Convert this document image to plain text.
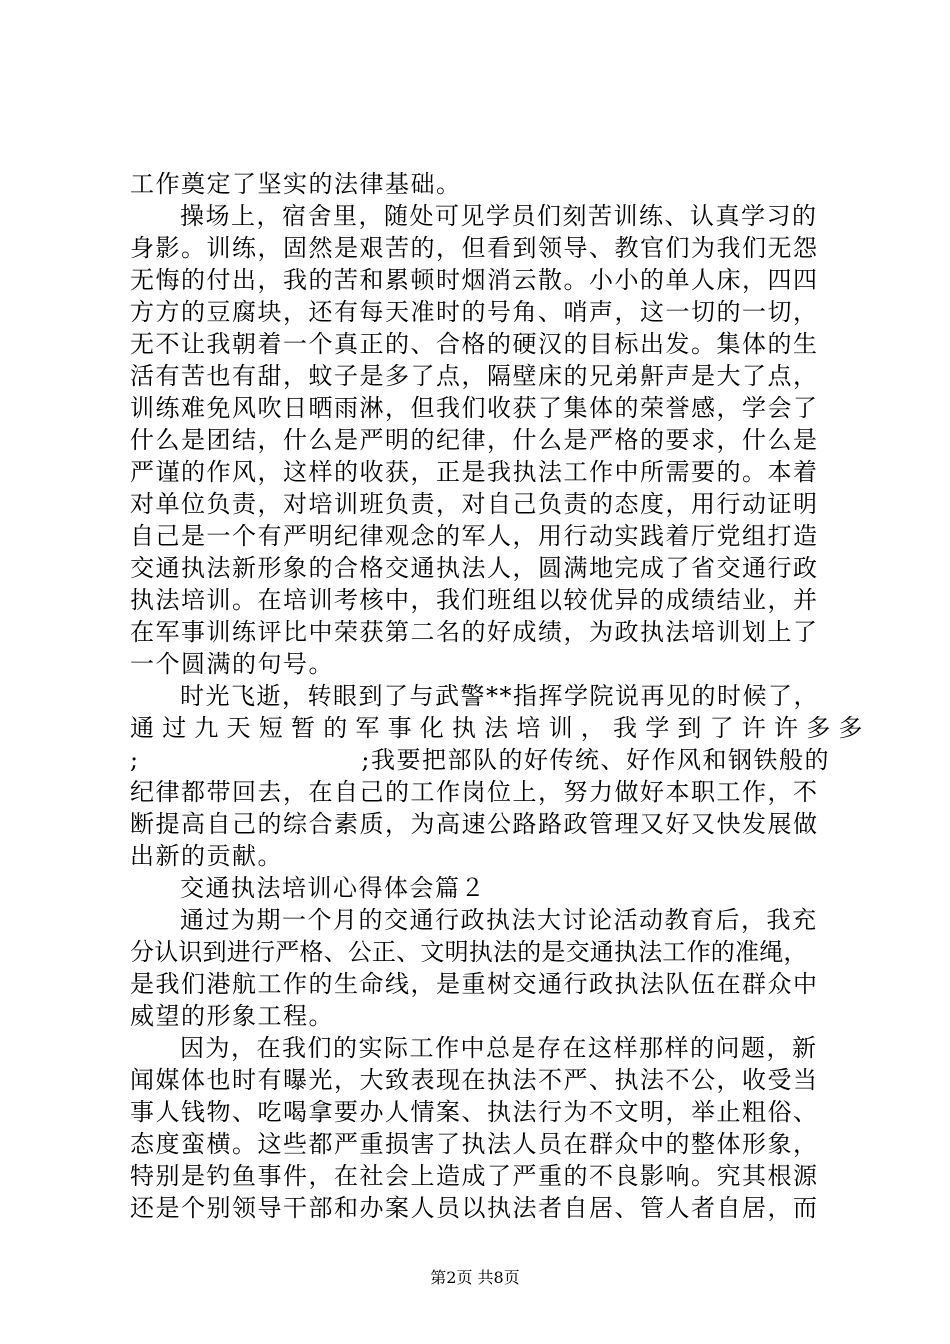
工作奠定了坚实的法律基础。
操场上，宿舍里，随处可见学员们刻苦训练、认真学习的
身影。训练，固然是艰苦的，但看到领导、教官们为我们无怨
无悔的付出，我的苦和累顿时烟消云散。小小的单人床，四四
方方的豆腐块，还有每天准时的号角、哨声，这一切的一切，
无不让我朝着一个真正的、合格的硬汉的目标出发。集体的生
活有苦也有甜，蚊子是多了点，隔壁床的兄弟鼾声是大了点，
训练难免风吹日晒雨淋，但我们收获了集体的荣誉感，学会了
什么是团结，什么是严明的纪律，什么是严格的要求，什么是
严谨的作风，这样的收获，正是我执法工作中所需要的。本着
对单位负责，对培训班负责，对自己负责的态度，用行动证明
自己是一个有严明纪律观念的军人，用行动实践着厅党组打造
交通执法新形象的合格交通执法人，圆满地完成了省交通行政
执法培训。在培训考核中，我们班组以较优异的成绩结业，并
在军事训练评比中荣获第二名的好成绩，为政执法培训划上了
一个圆满的句号。
时光飞逝，转眼到了与武警**指挥学院说再见的时候了，
通过九天短暂的军事化执法培训，我学到了许许多多
;	;我要把部队的好传统、好作风和钢铁般的
纪律都带回去，在自己的工作岗位上，努力做好本职工作，不
断提高自己的综合素质，为高速公路路政管理又好又快发展做
出新的贡献。
交通执法培训心得体会篇２
通过为期一个月的交通行政执法大讨论活动教育后，我充
分认识到进行严格、公正、文明执法的是交通执法工作的准绳，
是我们港航工作的生命线，是重树交通行政执法队伍在群众中
威望的形象工程。
因为，在我们的实际工作中总是存在这样那样的问题，新
闻媒体也时有曝光，大致表现在执法不严、执法不公，收受当
事人钱物、吃喝拿要办人情案、执法行为不文明，举止粗俗、
态度蛮横。这些都严重损害了执法人员在群众中的整体形象，
特别是钓鱼事件，在社会上造成了严重的不良影响。究其根源
还是个别领导干部和办案人员以执法者自居、管人者自居，而
第2页 共8页
